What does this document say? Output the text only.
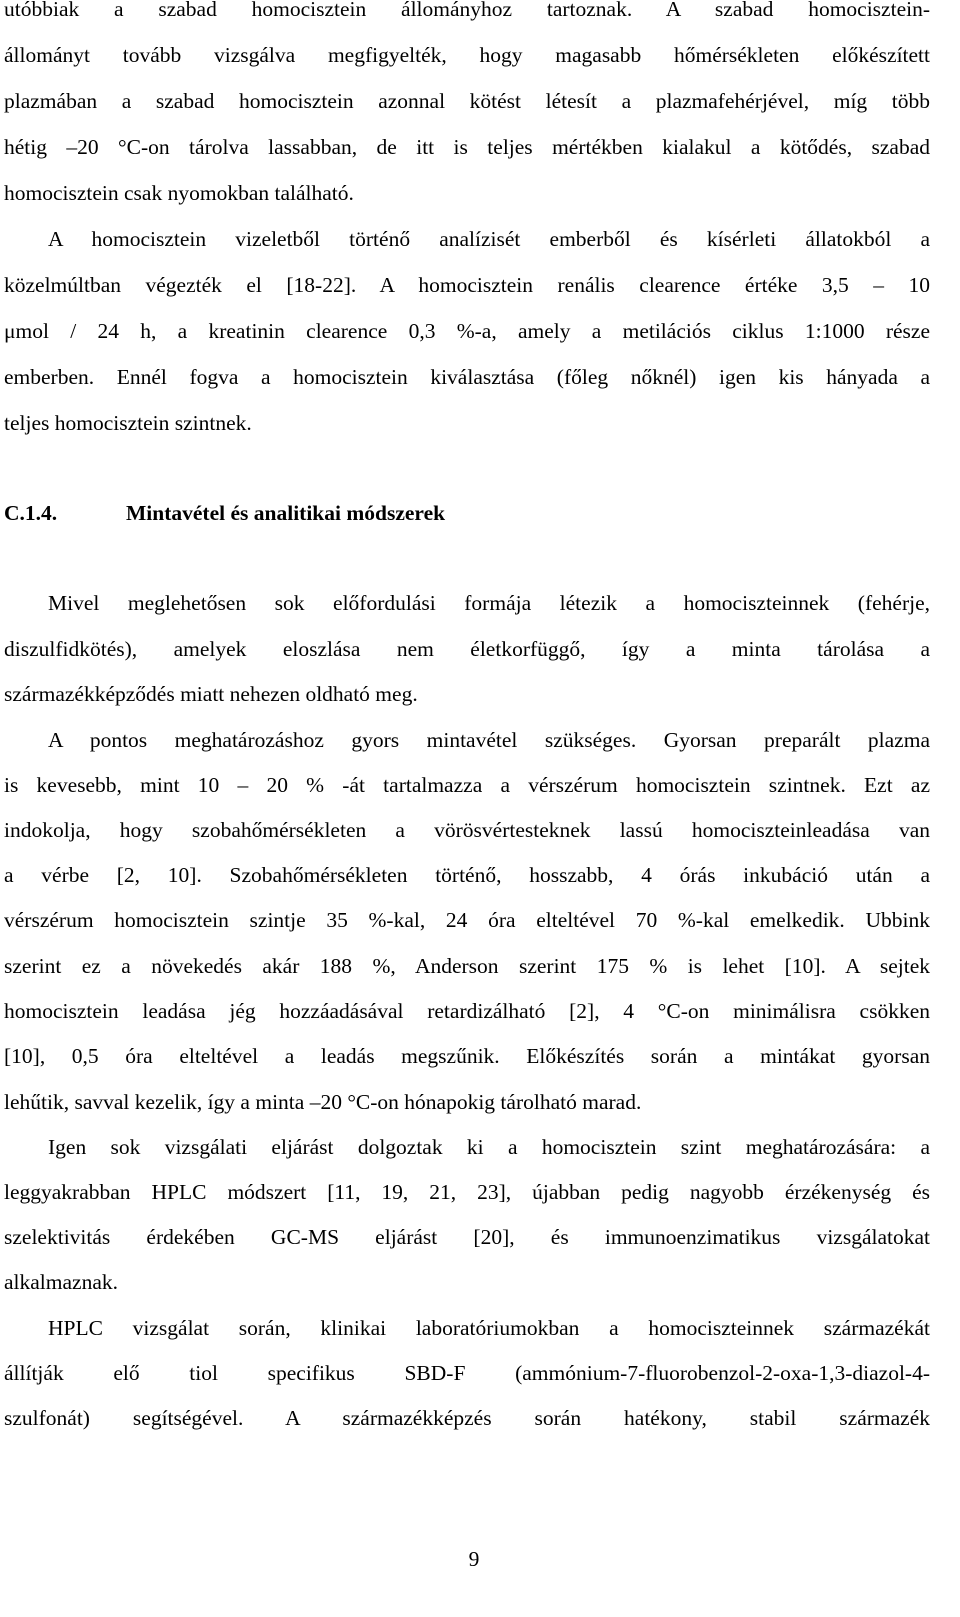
utóbbiak a szabad homocisztein állományhoz tartoznak. A szabad homocisztein-
állományt tovább vizsgálva megfigyelték, hogy magasabb hőmérsékleten előkészített
plazmában a szabad homocisztein azonnal kötést létesít a plazmafehérjével, míg több
hétig –20 °C-on tárolva lassabban, de itt is teljes mértékben kialakul a kötődés, szabad
homocisztein csak nyomokban található.
A homocisztein vizeletből történő analízisét emberből és kísérleti állatokból a
közelmúltban végezték el [18-22]. A homocisztein renális clearence értéke 3,5 – 10
μmol / 24 h, a kreatinin clearence 0,3 %-a, amely a metilációs ciklus 1:1000 része
emberben. Ennél fogva a homocisztein kiválasztása (főleg nőknél) igen kis hányada a
teljes homocisztein szintnek.
C.1.4.	Mintavétel és analitikai módszerek
Mivel meglehetősen sok előfordulási formája létezik a homociszteinnek (fehérje,
diszulfidkötés), amelyek eloszlása nem életkorfüggő, így a minta tárolása a
származékképződés miatt nehezen oldható meg.
A pontos meghatározáshoz gyors mintavétel szükséges. Gyorsan preparált plazma
is kevesebb, mint 10 – 20 % -át tartalmazza a vérszérum homocisztein szintnek. Ezt az
indokolja, hogy szobahőmérsékleten a vörösvértesteknek lassú homociszteinleadása van
a vérbe [2, 10]. Szobahőmérsékleten történő, hosszabb, 4 órás inkubáció után a
vérszérum homocisztein szintje 35 %-kal, 24 óra elteltével 70 %-kal emelkedik. Ubbink
szerint ez a növekedés akár 188 %, Anderson szerint 175 % is lehet [10]. A sejtek
homocisztein leadása jég hozzáadásával retardizálható [2], 4 °C-on minimálisra csökken
[10], 0,5 óra elteltével a leadás megszűnik. Előkészítés során a mintákat gyorsan
lehűtik, savval kezelik, így a minta –20 °C-on hónapokig tárolható marad.
Igen sok vizsgálati eljárást dolgoztak ki a homocisztein szint meghatározására: a
leggyakrabban HPLC módszert [11, 19, 21, 23], újabban pedig nagyobb érzékenység és
szelektivitás érdekében GC-MS eljárást [20], és immunoenzimatikus vizsgálatokat
alkalmaznak.
HPLC vizsgálat során, klinikai laboratóriumokban a homociszteinnek származékát
állítják elő tiol specifikus SBD-F (ammónium-7-fluorobenzol-2-oxa-1,3-diazol-4-
szulfonát) segítségével. A származékképzés során hatékony, stabil származék
9
